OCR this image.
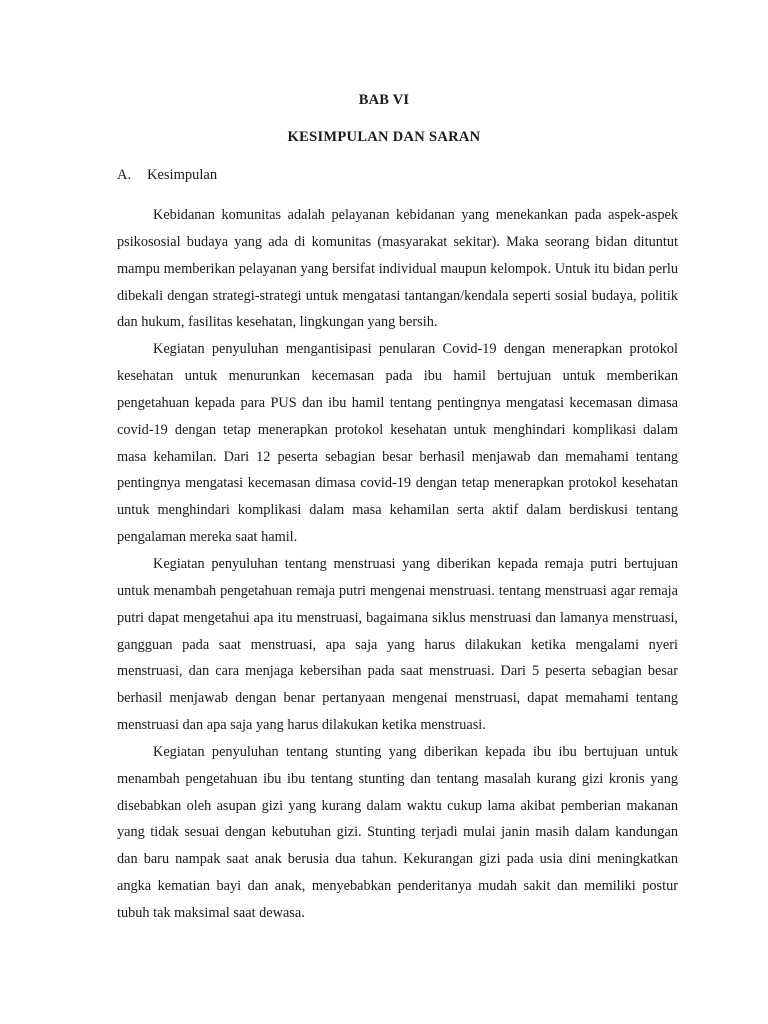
BAB VI
KESIMPULAN DAN SARAN
A. Kesimpulan

Kebidanan komunitas adalah pelayanan kebidanan yang menekankan pada aspek-aspek psikososial budaya yang ada di komunitas (masyarakat sekitar). Maka seorang bidan dituntut mampu memberikan pelayanan yang bersifat individual maupun kelompok. Untuk itu bidan perlu dibekali dengan strategi-strategi untuk mengatasi tantangan/kendala seperti sosial budaya, politik dan hukum, fasilitas kesehatan, lingkungan yang bersih.

Kegiatan penyuluhan mengantisipasi penularan Covid-19 dengan menerapkan protokol kesehatan untuk menurunkan kecemasan pada ibu hamil bertujuan untuk memberikan pengetahuan kepada para PUS dan ibu hamil tentang pentingnya mengatasi kecemasan dimasa covid-19 dengan tetap menerapkan protokol kesehatan untuk menghindari komplikasi dalam masa kehamilan. Dari 12 peserta sebagian besar berhasil menjawab dan memahami tentang pentingnya mengatasi kecemasan dimasa covid-19 dengan tetap menerapkan protokol kesehatan untuk menghindari komplikasi dalam masa kehamilan serta aktif dalam berdiskusi tentang pengalaman mereka saat hamil.

Kegiatan penyuluhan tentang menstruasi yang diberikan kepada remaja putri bertujuan untuk menambah pengetahuan remaja putri mengenai menstruasi. tentang menstruasi agar remaja putri dapat mengetahui apa itu menstruasi, bagaimana siklus menstruasi dan lamanya menstruasi, gangguan pada saat menstruasi, apa saja yang harus dilakukan ketika mengalami nyeri menstruasi, dan cara menjaga kebersihan pada saat menstruasi. Dari 5 peserta sebagian besar berhasil menjawab dengan benar pertanyaan mengenai menstruasi, dapat memahami tentang menstruasi dan apa saja yang harus dilakukan ketika menstruasi.

Kegiatan penyuluhan tentang stunting yang diberikan kepada ibu ibu bertujuan untuk menambah pengetahuan ibu ibu tentang stunting dan tentang masalah kurang gizi kronis yang disebabkan oleh asupan gizi yang kurang dalam waktu cukup lama akibat pemberian makanan yang tidak sesuai dengan kebutuhan gizi. Stunting terjadi mulai janin masih dalam kandungan dan baru nampak saat anak berusia dua tahun. Kekurangan gizi pada usia dini meningkatkan angka kematian bayi dan anak, menyebabkan penderitanya mudah sakit dan memiliki postur tubuh tak maksimal saat dewasa.
